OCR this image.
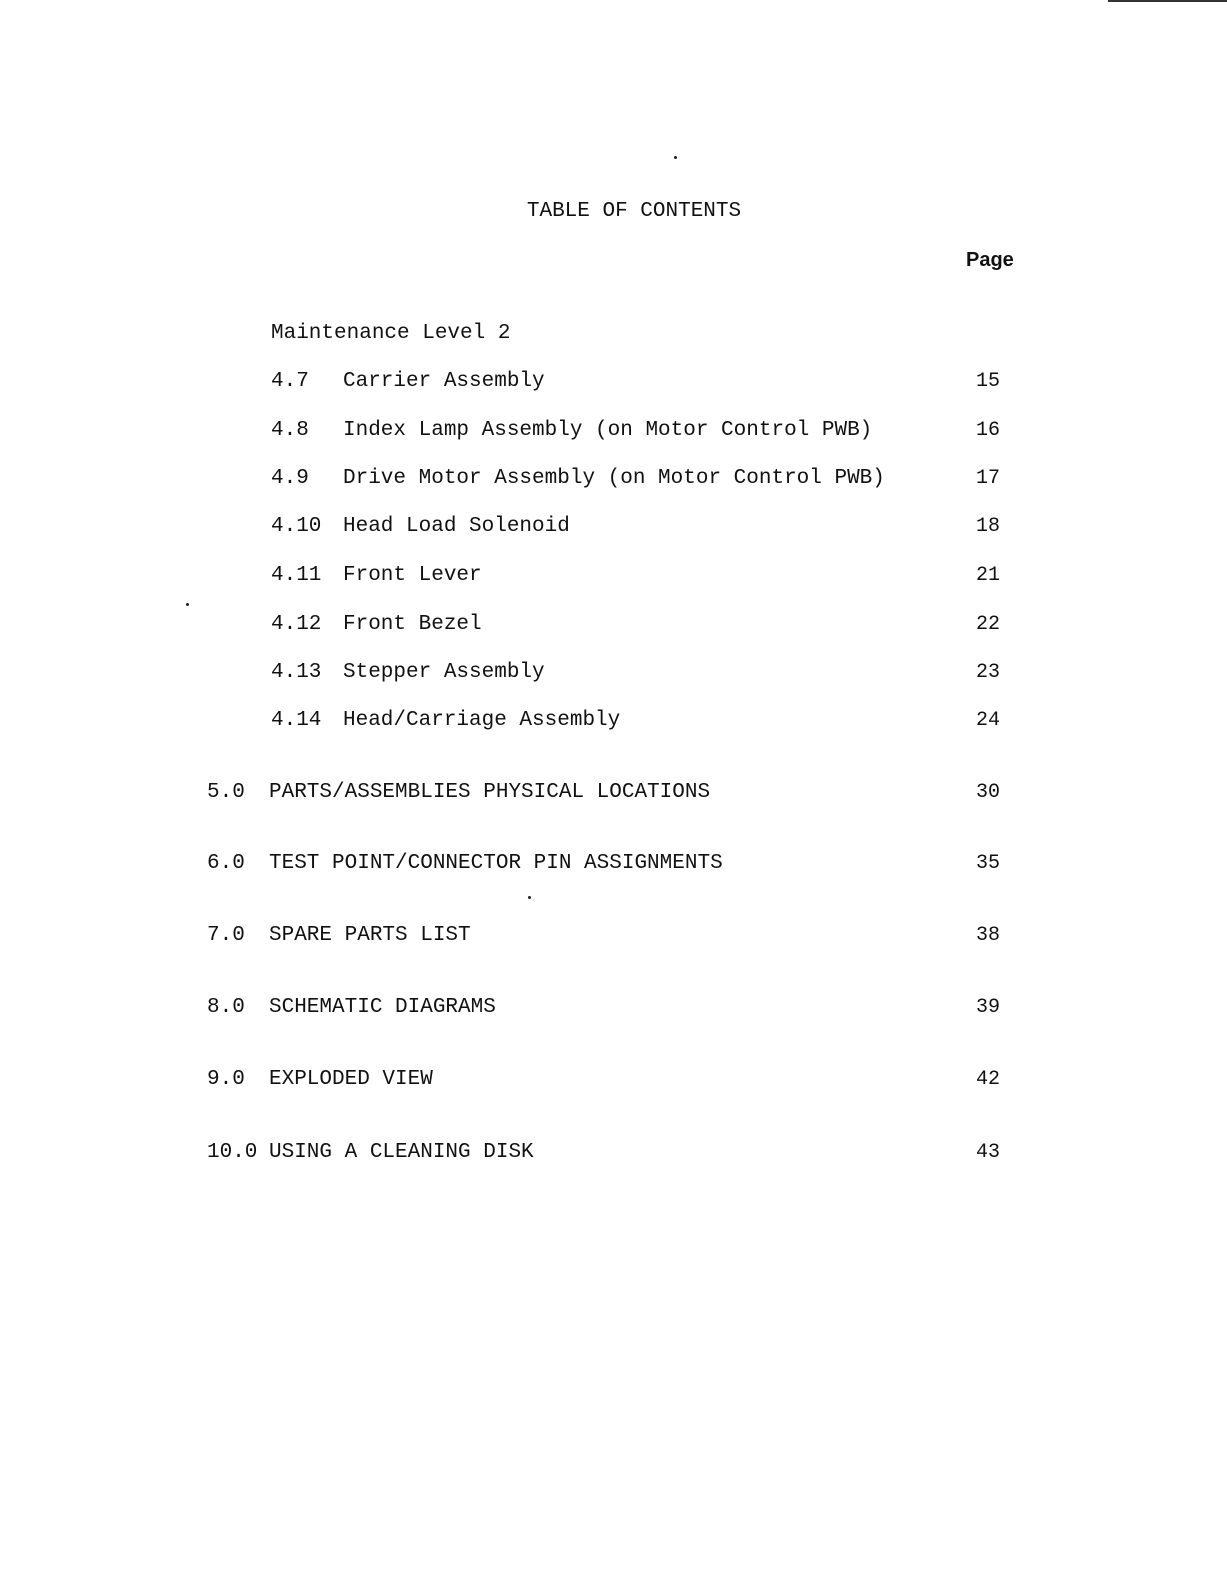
TABLE OF CONTENTS
Page
Maintenance Level 2
4.7 Carrier Assembly	15
4.8 Index Lamp Assembly (on Motor Control PWB)	16
4.9 Drive Motor Assembly (on Motor Control PWB)	17
4.10 Head Load Solenoid	18
4.11 Front Lever	21
4.12 Front Bezel	22
4.13 Stepper Assembly	23
4.14 Head/Carriage Assembly	24
5.0 PARTS/ASSEMBLIES PHYSICAL LOCATIONS	30
6.0 TEST POINT/CONNECTOR PIN ASSIGNMENTS	35
7.0 SPARE PARTS LIST	38
8.0 SCHEMATIC DIAGRAMS	39
9.0 EXPLODED VIEW	42
10.0 USING A CLEANING DISK	43
